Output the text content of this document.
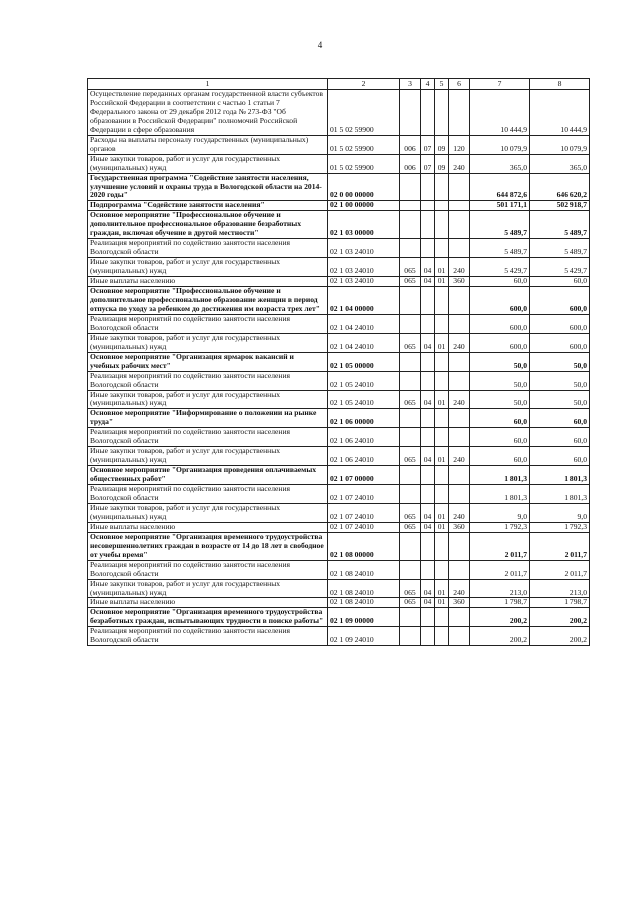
4
1	2	3	4	5	6	7	8
Осуществление переданных органам государственной власти субъектов Российской Федерации в соответствии с частью 1 статьи 7 Федерального закона от 29 декабря 2012 года № 273-ФЗ "Об образовании в Российской Федерации" полномочий Российской Федерации в сфере образования	01 5 02 59900					10 444,9	10 444,9
Расходы на выплаты персоналу государственных (муниципальных) органов	01 5 02 59900	006	07	09	120	10 079,9	10 079,9
Иные закупки товаров, работ и услуг для государственных (муниципальных) нужд	01 5 02 59900	006	07	09	240	365,0	365,0
Государственная программа "Содействие занятости населения, улучшение условий и охраны труда в Вологодской области на 2014-2020 годы"	02 0 00 00000					644 872,6	646 620,2
Подпрограмма "Содействие занятости населения"	02 1 00 00000					501 171,1	502 918,7
Основное мероприятие "Профессиональное обучение и дополнительное профессиональное образование безработных граждан, включая обучение в другой местности"	02 1 03 00000					5 489,7	5 489,7
Реализация мероприятий по содействию занятости населения Вологодской области	02 1 03 24010					5 489,7	5 489,7
Иные закупки товаров, работ и услуг для государственных (муниципальных) нужд	02 1 03 24010	065	04	01	240	5 429,7	5 429,7
Иные выплаты населению	02 1 03 24010	065	04	01	360	60,0	60,0
Основное мероприятие "Профессиональное обучение и дополнительное профессиональное образование женщин в период отпуска по уходу за ребенком до достижения им возраста трех лет"	02 1 04 00000					600,0	600,0
Реализация мероприятий по содействию занятости населения Вологодской области	02 1 04 24010					600,0	600,0
Иные закупки товаров, работ и услуг для государственных (муниципальных) нужд	02 1 04 24010	065	04	01	240	600,0	600,0
Основное мероприятие "Организация ярмарок вакансий и учебных рабочих мест"	02 1 05 00000					50,0	50,0
Реализация мероприятий по содействию занятости населения Вологодской области	02 1 05 24010					50,0	50,0
Иные закупки товаров, работ и услуг для государственных (муниципальных) нужд	02 1 05 24010	065	04	01	240	50,0	50,0
Основное мероприятие "Информирование о положении на рынке труда"	02 1 06 00000					60,0	60,0
Реализация мероприятий по содействию занятости населения Вологодской области	02 1 06 24010					60,0	60,0
Иные закупки товаров, работ и услуг для государственных (муниципальных) нужд	02 1 06 24010	065	04	01	240	60,0	60,0
Основное мероприятие "Организация проведения оплачиваемых общественных работ"	02 1 07 00000					1 801,3	1 801,3
Реализация мероприятий по содействию занятости населения Вологодской области	02 1 07 24010					1 801,3	1 801,3
Иные закупки товаров, работ и услуг для государственных (муниципальных) нужд	02 1 07 24010	065	04	01	240	9,0	9,0
Иные выплаты населению	02 1 07 24010	065	04	01	360	1 792,3	1 792,3
Основное мероприятие "Организация временного трудоустройства несовершеннолетних граждан в возрасте от 14 до 18 лет в свободное от учебы время"	02 1 08 00000					2 011,7	2 011,7
Реализация мероприятий по содействию занятости населения Вологодской области	02 1 08 24010					2 011,7	2 011,7
Иные закупки товаров, работ и услуг для государственных (муниципальных) нужд	02 1 08 24010	065	04	01	240	213,0	213,0
Иные выплаты населению	02 1 08 24010	065	04	01	360	1 798,7	1 798,7
Основное мероприятие "Организация временного трудоустройства безработных граждан, испытывающих трудности в поиске работы"	02 1 09 00000					200,2	200,2
Реализация мероприятий по содействию занятости населения Вологодской области	02 1 09 24010					200,2	200,2
